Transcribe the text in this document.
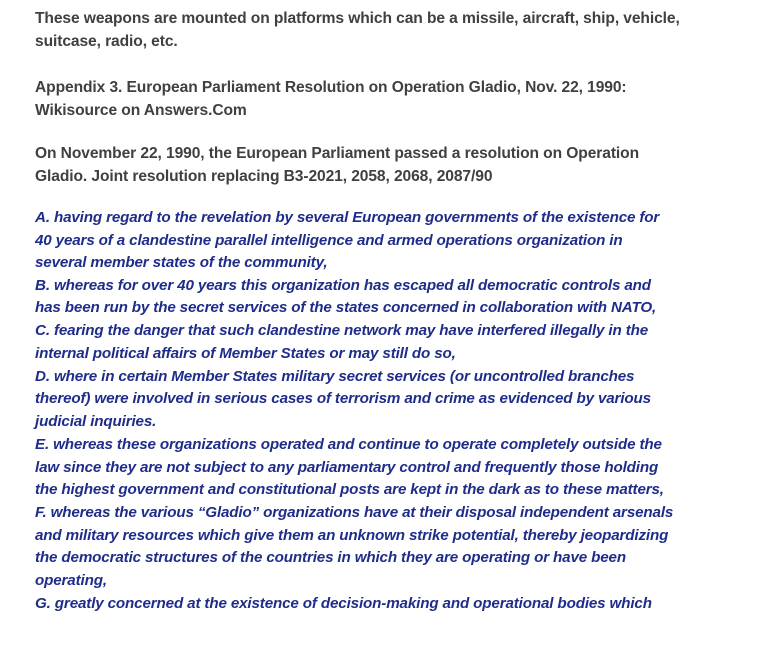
These weapons are mounted on platforms which can be a missile, aircraft, ship, vehicle,
suitcase, radio, etc.
Appendix 3. European Parliament Resolution on Operation Gladio, Nov. 22, 1990:
Wikisource on Answers.Com
On November 22, 1990, the European Parliament passed a resolution on Operation
Gladio. Joint resolution replacing B3-2021, 2058, 2068, 2087/90
A. having regard to the revelation by several European governments of the existence for
40 years of a clandestine parallel intelligence and armed operations organization in
several member states of the community,
B. whereas for over 40 years this organization has escaped all democratic controls and
has been run by the secret services of the states concerned in collaboration with NATO,
C. fearing the danger that such clandestine network may have interfered illegally in the
internal political affairs of Member States or may still do so,
D. where in certain Member States military secret services (or uncontrolled branches
thereof) were involved in serious cases of terrorism and crime as evidenced by various
judicial inquiries.
E. whereas these organizations operated and continue to operate completely outside the
law since they are not subject to any parliamentary control and frequently those holding
the highest government and constitutional posts are kept in the dark as to these matters,
F. whereas the various “Gladio” organizations have at their disposal independent arsenals
and military resources which give them an unknown strike potential, thereby jeopardizing
the democratic structures of the countries in which they are operating or have been
operating,
G. greatly concerned at the existence of decision-making and operational bodies which
